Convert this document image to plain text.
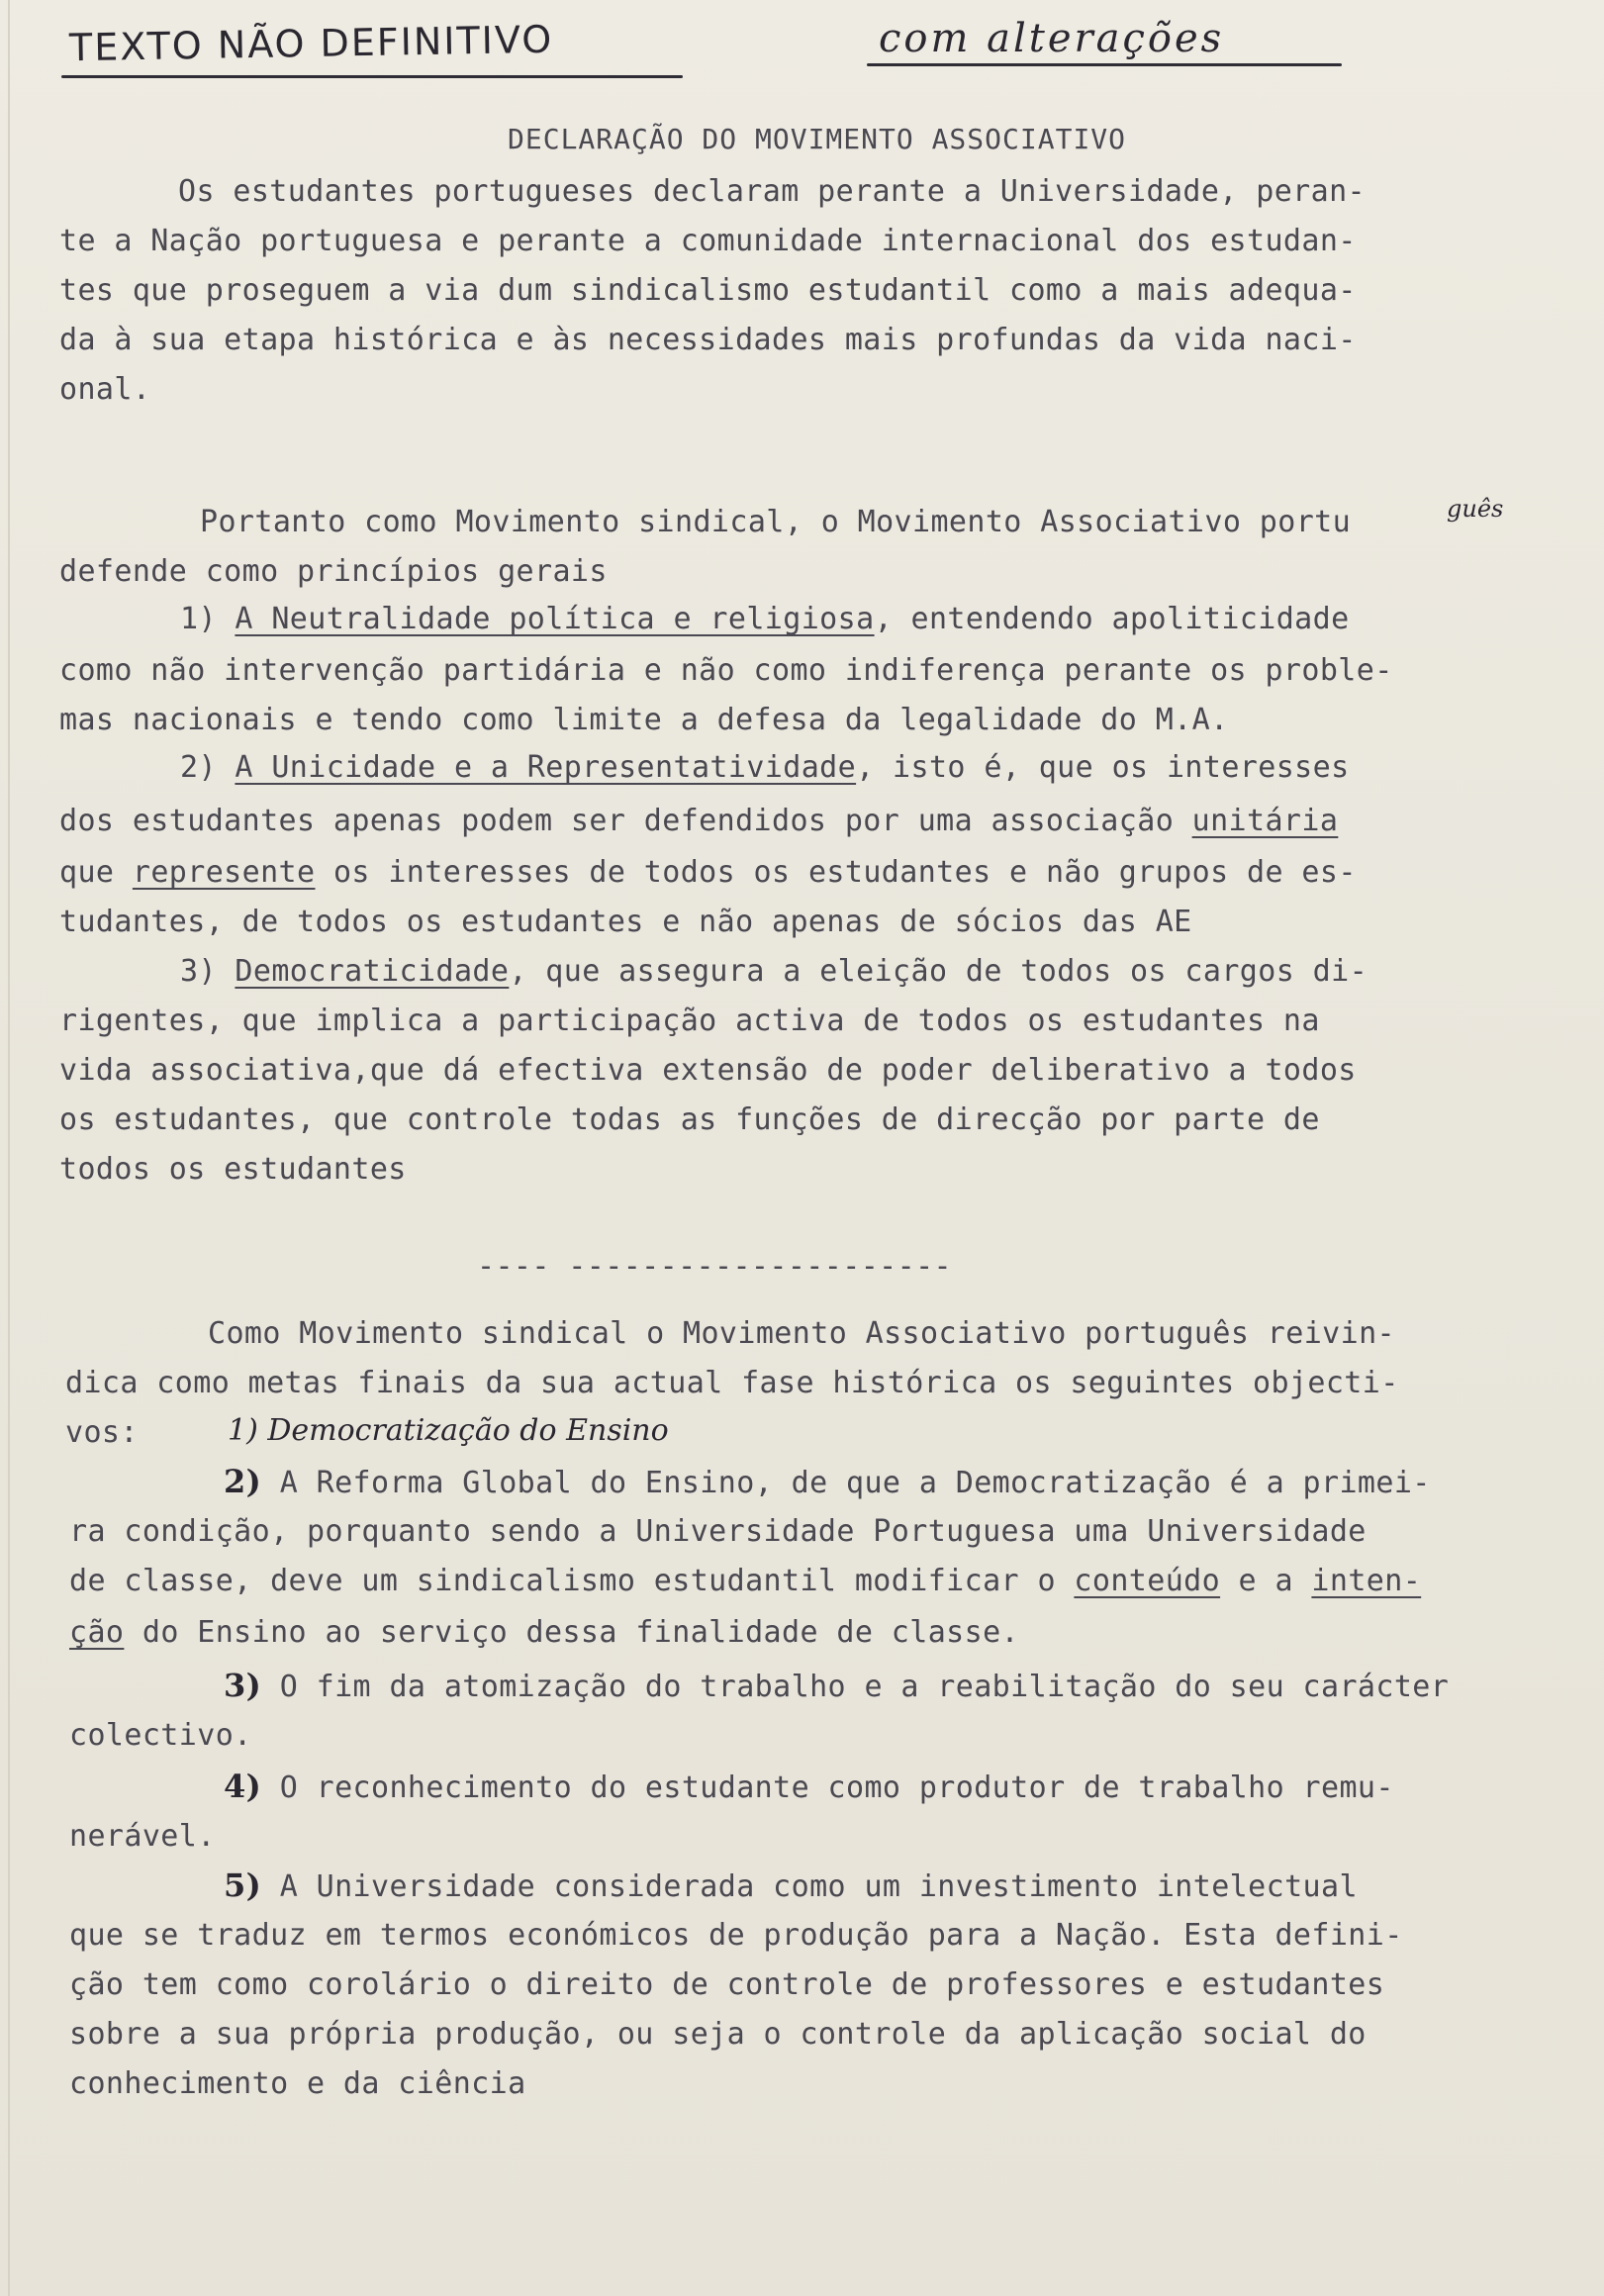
TEXTO NÃO DEFINITIVO	com alterações
DECLARAÇÃO DO MOVIMENTO ASSOCIATIVO
Os estudantes portugueses declaram perante a Universidade, peran-
te a Nação portuguesa e perante a comunidade internacional dos estudan-
tes que proseguem a via dum sindicalismo estudantil como a mais adequa-
da à sua etapa histórica e às necessidades mais profundas da vida naci-
onal.
Portanto como Movimento sindical, o Movimento Associativo portu	guês
defende como princípios gerais
1) A Neutralidade política e religiosa, entendendo apoliticidade
como não intervenção partidária e não como indiferença perante os proble-
mas nacionais e tendo como limite a defesa da legalidade do M.A.
2) A Unicidade e a Representatividade, isto é, que os interesses
dos estudantes apenas podem ser defendidos por uma associação unitária
que represente os interesses de todos os estudantes e não grupos de es-
tudantes, de todos os estudantes e não apenas de sócios das AE
3) Democraticidade, que assegura a eleição de todos os cargos di-
rigentes, que implica a participação activa de todos os estudantes na
vida associativa,que dá efectiva extensão de poder deliberativo a todos
os estudantes, que controle todas as funções de direcção por parte de
todos os estudantes
---- ---------------------
Como Movimento sindical o Movimento Associativo português reivin-
dica como metas finais da sua actual fase histórica os seguintes objecti-
vos:	1) Democratização do Ensino
2) A Reforma Global do Ensino, de que a Democratização é a primei-
ra condição, porquanto sendo a Universidade Portuguesa uma Universidade
de classe, deve um sindicalismo estudantil modificar o conteúdo e a inten-
ção do Ensino ao serviço dessa finalidade de classe.
3) O fim da atomização do trabalho e a reabilitação do seu carácter
colectivo.
4) O reconhecimento do estudante como produtor de trabalho remu-
nerável.
5) A Universidade considerada como um investimento intelectual
que se traduz em termos económicos de produção para a Nação. Esta defini-
ção tem como corolário o direito de controle de professores e estudantes
sobre a sua própria produção, ou seja o controle da aplicação social do
conhecimento e da ciência
